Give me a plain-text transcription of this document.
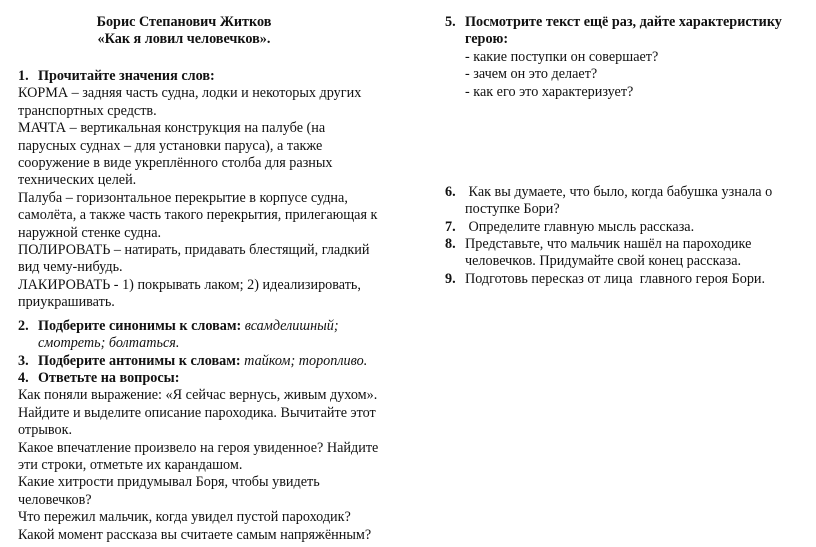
Борис Степанович Житков
«Как я ловил человечков».
1. Прочитайте значения слов:
КОРМА – задняя часть судна, лодки и некоторых других
транспортных средств.
МАЧТА – вертикальная конструкция на палубе (на
парусных суднах – для установки паруса), а также
сооружение в виде укреплённого столба для разных
технических целей.
Палуба – горизонтальное перекрытие в корпусе судна,
самолёта, а также часть такого перекрытия, прилегающая к
наружной стенке судна.
ПОЛИРОВАТЬ – натирать, придавать блестящий, гладкий
вид чему-нибудь.
ЛАКИРОВАТЬ - 1) покрывать лаком; 2) идеализировать,
приукрашивать.
2. Подберите синонимы к словам: всамделишный;
смотреть; болтаться.
3. Подберите антонимы к словам: тайком; торопливо.
4. Ответьте на вопросы:
Как поняли выражение: «Я сейчас вернусь, живым духом».
Найдите и выделите описание пароходика. Вычитайте этот
отрывок.
Какое впечатление произвело на героя увиденное? Найдите
эти строки, отметьте их карандашом.
Какие хитрости придумывал Боря, чтобы увидеть
человечков?
Что пережил мальчик, когда увидел пустой пароходик?
Какой момент рассказа вы считаете самым напряжённым?
5. Посмотрите текст ещё раз, дайте характеристику
герою:
- какие поступки он совершает?
- зачем он это делает?
- как его это характеризует?
6. Как вы думаете, что было, когда бабушка узнала о
поступке Бори?
7. Определите главную мысль рассказа.
8. Представьте, что мальчик нашёл на пароходике
человечков. Придумайте свой конец рассказа.
9. Подготовь пересказ от лица  главного героя Бори.
